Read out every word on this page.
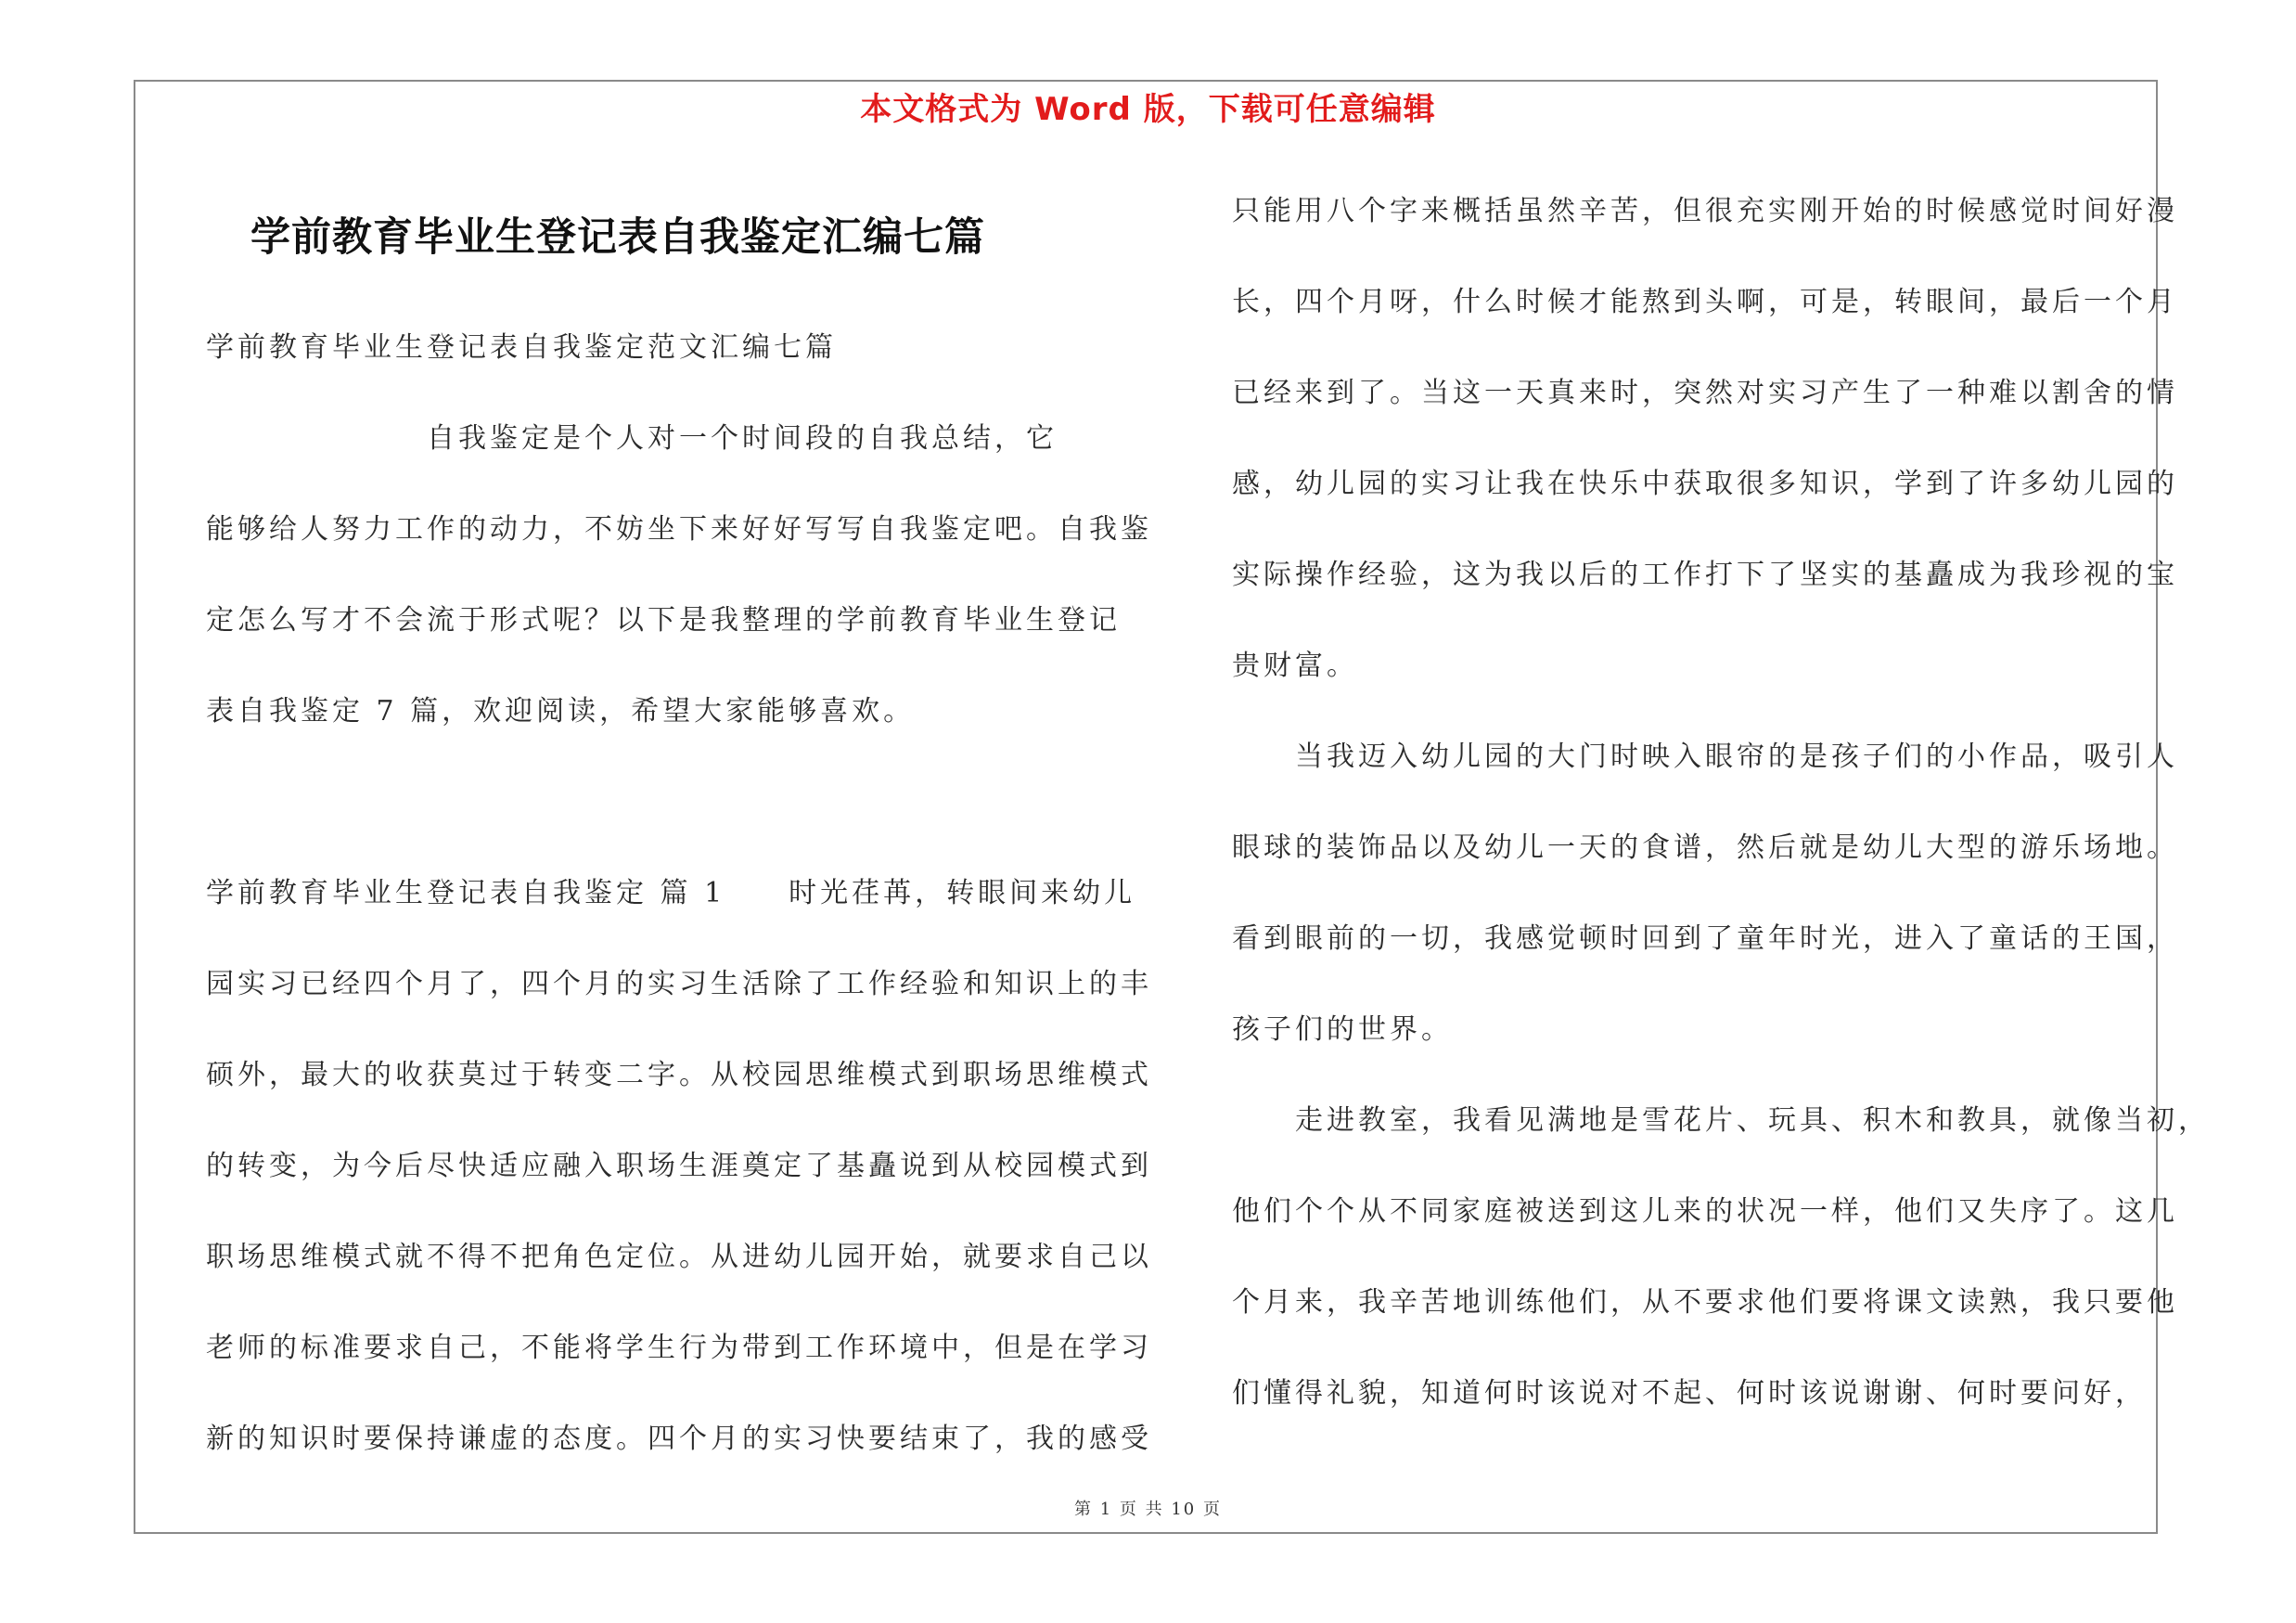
本文格式为 Word 版，下载可任意编辑
学前教育毕业生登记表自我鉴定汇编七篇
学前教育毕业生登记表自我鉴定范文汇编七篇
　　　　　　　自我鉴定是个人对一个时间段的自我总结，它
能够给人努力工作的动力，不妨坐下来好好写写自我鉴定吧。自我鉴
定怎么写才不会流于形式呢？以下是我整理的学前教育毕业生登记
表自我鉴定 7 篇，欢迎阅读，希望大家能够喜欢。
学前教育毕业生登记表自我鉴定 篇 1　　时光荏苒，转眼间来幼儿
园实习已经四个月了，四个月的实习生活除了工作经验和知识上的丰
硕外，最大的收获莫过于转变二字。从校园思维模式到职场思维模式
的转变，为今后尽快适应融入职场生涯奠定了基矗说到从校园模式到
职场思维模式就不得不把角色定位。从进幼儿园开始，就要求自己以
老师的标准要求自己，不能将学生行为带到工作环境中，但是在学习
新的知识时要保持谦虚的态度。四个月的实习快要结束了，我的感受
只能用八个字来概括虽然辛苦，但很充实刚开始的时候感觉时间好漫
长，四个月呀，什么时候才能熬到头啊，可是，转眼间，最后一个月
已经来到了。当这一天真来时，突然对实习产生了一种难以割舍的情
感，幼儿园的实习让我在快乐中获取很多知识，学到了许多幼儿园的
实际操作经验，这为我以后的工作打下了坚实的基矗成为我珍视的宝
贵财富。
　　当我迈入幼儿园的大门时映入眼帘的是孩子们的小作品，吸引人
眼球的装饰品以及幼儿一天的食谱，然后就是幼儿大型的游乐场地。
看到眼前的一切，我感觉顿时回到了童年时光，进入了童话的王国，
孩子们的世界。
　　走进教室，我看见满地是雪花片、玩具、积木和教具，就像当初，
他们个个从不同家庭被送到这儿来的状况一样，他们又失序了。这几
个月来，我辛苦地训练他们，从不要求他们要将课文读熟，我只要他
们懂得礼貌，知道何时该说对不起、何时该说谢谢、何时要问好，
第 1 页 共 10 页
